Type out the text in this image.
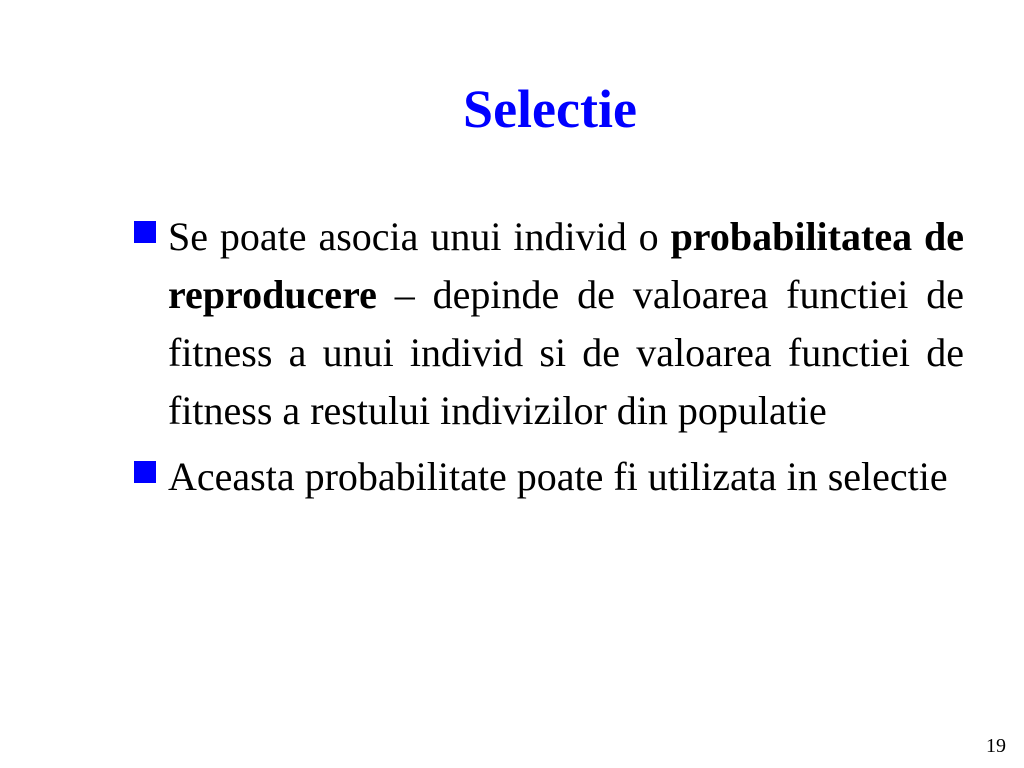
Selectie
Se poate asocia unui individ o probabilitatea de reproducere – depinde de valoarea functiei de fitness a unui individ si de valoarea functiei de fitness a restului indivizilor din populatie
Aceasta probabilitate poate fi utilizata in selectie
19
